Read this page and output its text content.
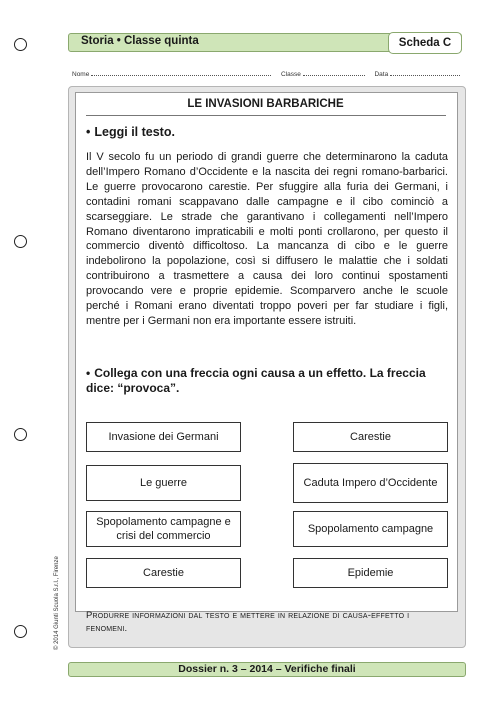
Storia • Classe quinta	Scheda C
Nome	Classe	Data
LE INVASIONI BARBARICHE
• Leggi il testo.

Il V secolo fu un periodo di grandi guerre che determinarono la caduta dell’Impero Romano d’Occidente e la nascita dei regni romano-barbarici. Le guerre provocarono carestie. Per sfuggire alla furia dei Germani, i contadini romani scappavano dalle campagne e il cibo cominciò a scarseggiare. Le strade che garantivano i collegamenti nell’Impero Romano diventarono impraticabili e molti ponti crollarono, per questo il commercio diventò difficoltoso. La mancanza di cibo e le guerre indebolirono la popolazione, così si diffusero le malattie che i soldati contribuirono a trasmettere a causa dei loro continui spostamenti provocando vere e proprie epidemie. Scomparvero anche le scuole perché i Romani erano diventati troppo poveri per far studiare i figli, mentre per i Germani non era importante essere istruiti.

• Collega con una freccia ogni causa a un effetto. La freccia dice: “provoca”.
Invasione dei Germani
Le guerre
Spopolamento campagne e crisi del commercio
Carestie
Carestie
Caduta Impero d’Occidente
Spopolamento campagne
Epidemie
Produrre informazioni dal testo e mettere in relazione di causa-effetto i fenomeni.
Dossier n. 3 – 2014 – Verifiche finali
© 2014 Giunti Scuola S.r.l., Firenze
